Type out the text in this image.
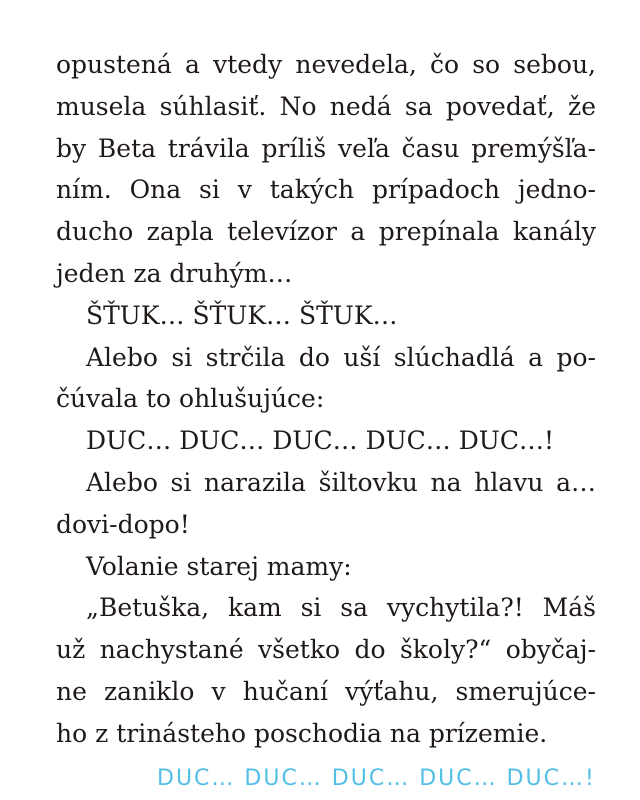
opustená a vtedy nevedela, čo so sebou,
musela súhlasiť. No nedá sa povedať, že
by Beta trávila príliš veľa času premýšľa-
ním. Ona si v takých prípadoch jedno-
ducho zapla televízor a prepínala kanály
jeden za druhým…
ŠŤUK… ŠŤUK… ŠŤUK…
Alebo si strčila do uší slúchadlá a po-
čúvala to ohlušujúce:
DUC… DUC… DUC… DUC… DUC…!
Alebo si narazila šiltovku na hlavu a…
dovi-dopo!
Volanie starej mamy:
„Betuška, kam si sa vychytila?! Máš
už nachystané všetko do školy?“ obyčaj-
ne zaniklo v hučaní výťahu, smerujúce-
ho z trinásteho poschodia na prízemie.
DUC… DUC… DUC… DUC… DUC…!
